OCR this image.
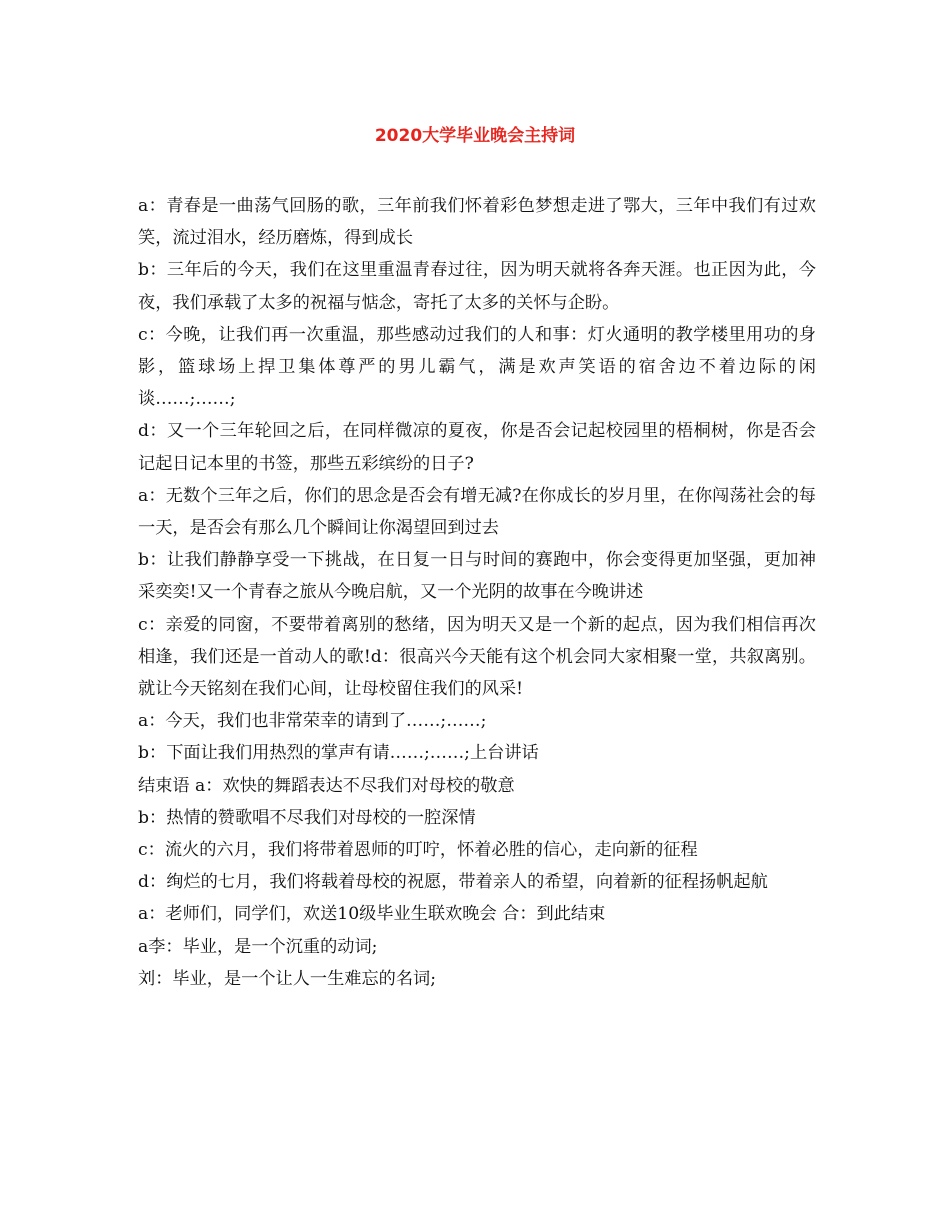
2020大学毕业晚会主持词

a：青春是一曲荡气回肠的歌，三年前我们怀着彩色梦想走进了鄂大，三年中我们有过欢笑，流过泪水，经历磨炼，得到成长

b：三年后的今天，我们在这里重温青春过往，因为明天就将各奔天涯。也正因为此，今夜，我们承载了太多的祝福与惦念，寄托了太多的关怀与企盼。

c：今晚，让我们再一次重温，那些感动过我们的人和事：灯火通明的教学楼里用功的身影，篮球场上捍卫集体尊严的男儿霸气，满是欢声笑语的宿舍边不着边际的闲谈……;……;

d：又一个三年轮回之后，在同样微凉的夏夜，你是否会记起校园里的梧桐树，你是否会记起日记本里的书签，那些五彩缤纷的日子?

a：无数个三年之后，你们的思念是否会有增无减?在你成长的岁月里，在你闯荡社会的每一天，是否会有那么几个瞬间让你渴望回到过去

b：让我们静静享受一下挑战，在日复一日与时间的赛跑中，你会变得更加坚强，更加神采奕奕!又一个青春之旅从今晚启航，又一个光阴的故事在今晚讲述

c：亲爱的同窗，不要带着离别的愁绪，因为明天又是一个新的起点，因为我们相信再次相逢，我们还是一首动人的歌!d：很高兴今天能有这个机会同大家相聚一堂，共叙离别。就让今天铭刻在我们心间，让母校留住我们的风采!

a：今天，我们也非常荣幸的请到了……;……;

b：下面让我们用热烈的掌声有请……;……;上台讲话

结束语 a：欢快的舞蹈表达不尽我们对母校的敬意

b：热情的赞歌唱不尽我们对母校的一腔深情

c：流火的六月，我们将带着恩师的叮咛，怀着必胜的信心，走向新的征程

d：绚烂的七月，我们将载着母校的祝愿，带着亲人的希望，向着新的征程扬帆起航

a：老师们，同学们，欢送10级毕业生联欢晚会 合：到此结束

a李：毕业，是一个沉重的动词;

刘：毕业，是一个让人一生难忘的名词;
